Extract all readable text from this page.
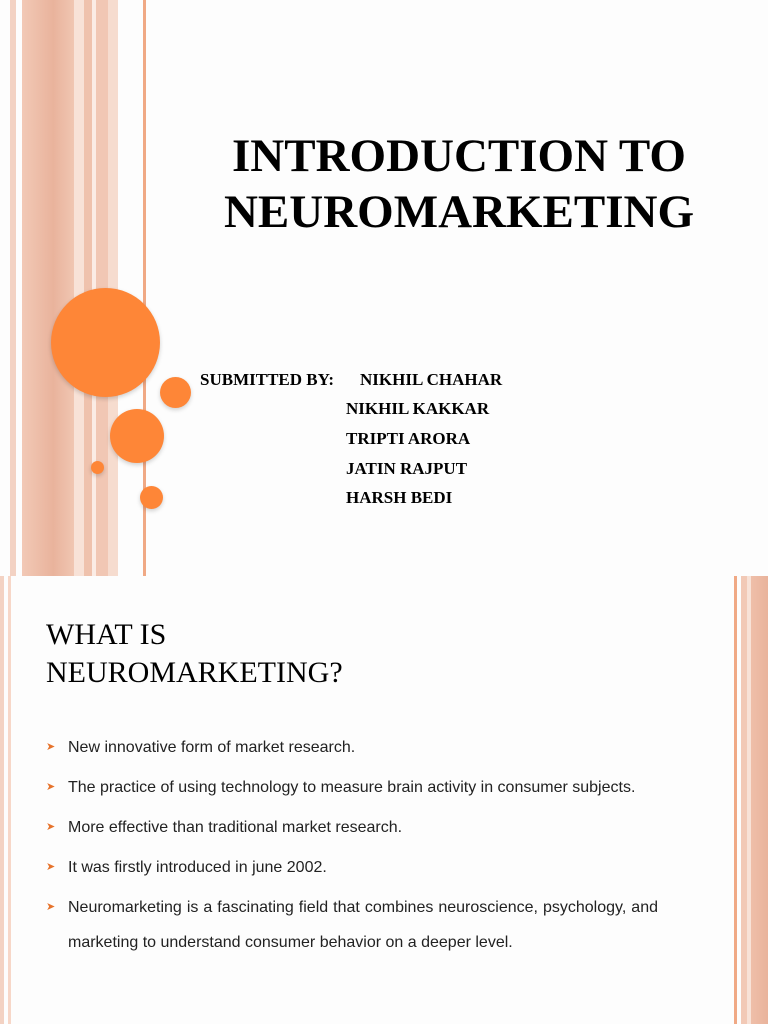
INTRODUCTION TO
NEUROMARKETING
SUBMITTED BY: NIKHIL CHAHAR
NIKHIL KAKKAR
TRIPTI ARORA
JATIN RAJPUT
HARSH BEDI
WHAT IS
NEUROMARKETING?
➤ New innovative form of market research.
➤ The practice of using technology to measure brain activity in consumer subjects.
➤ More effective than traditional market research.
➤ It was firstly introduced in june 2002.
➤ Neuromarketing is a fascinating field that combines neuroscience, psychology, and marketing to understand consumer behavior on a deeper level.
